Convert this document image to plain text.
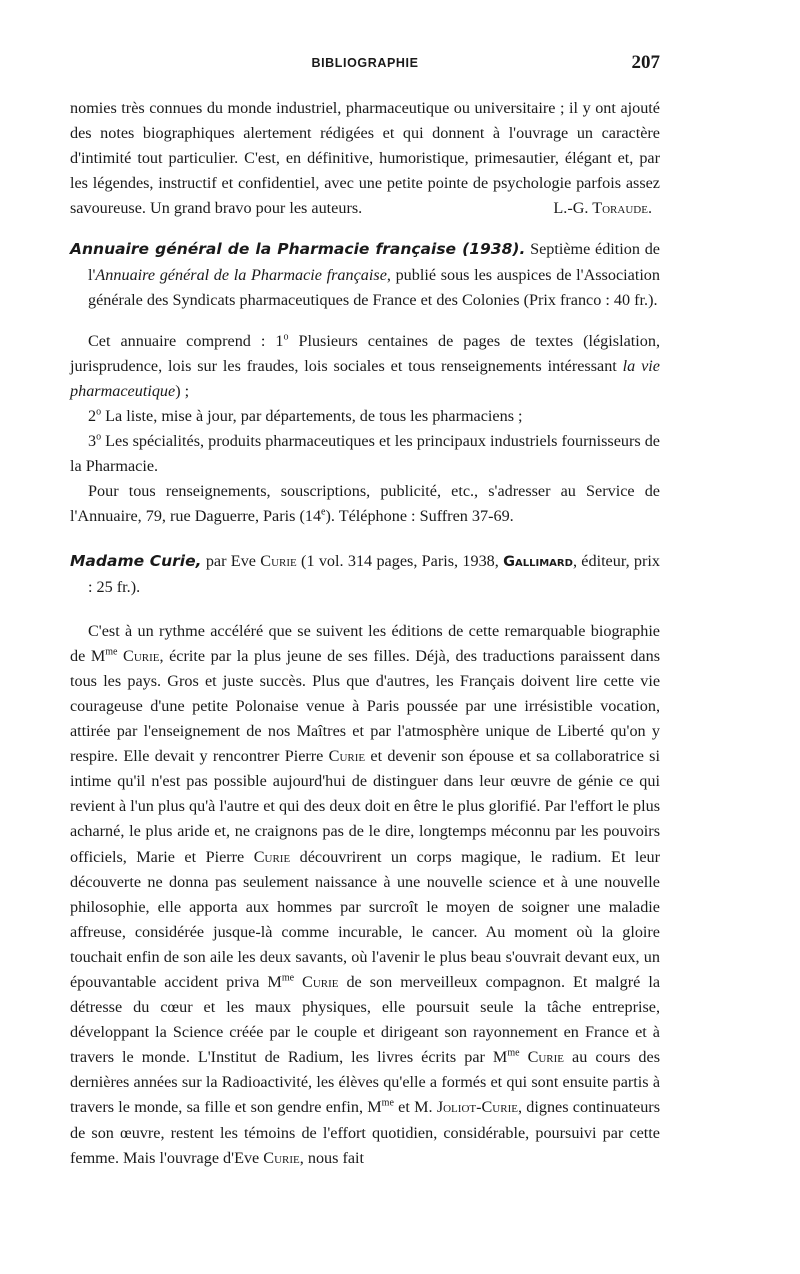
BIBLIOGRAPHIE	207

nomies très connues du monde industriel, pharmaceutique ou universitaire ; il y ont ajouté des notes biographiques alertement rédigées et qui donnent à l'ouvrage un caractère d'intimité tout particulier. C'est, en définitive, humoristique, primesautier, élégant et, par les légendes, instructif et confidentiel, avec une petite pointe de psychologie parfois assez savoureuse. Un grand bravo pour les auteurs.	L.-G. Toraude.

Annuaire général de la Pharmacie française (1938). Septième édition de l'Annuaire général de la Pharmacie française, publié sous les auspices de l'Association générale des Syndicats pharmaceutiques de France et des Colonies (Prix franco : 40 fr.).

Cet annuaire comprend : 1$^o$ Plusieurs centaines de pages de textes (législation, jurisprudence, lois sur les fraudes, lois sociales et tous renseignements intéressant la vie pharmaceutique) ;

2$^o$ La liste, mise à jour, par départements, de tous les pharmaciens ;

3$^o$ Les spécialités, produits pharmaceutiques et les principaux industriels fournisseurs de la Pharmacie.

Pour tous renseignements, souscriptions, publicité, etc., s'adresser au Service de l'Annuaire, 79, rue Daguerre, Paris (14e). Téléphone : Suffren 37-69.

Madame Curie, par Eve Curie (1 vol. 314 pages, Paris, 1938, Gallimard, éditeur, prix : 25 fr.).

C'est à un rythme accéléré que se suivent les éditions de cette remarquable biographie de $M^{me}$ Curie, écrite par la plus jeune de ses filles. Déjà, des traductions paraissent dans tous les pays. Gros et juste succès. Plus que d'autres, les Français doivent lire cette vie courageuse d'une petite Polonaise venue à Paris poussée par une irrésistible vocation, attirée par l'enseignement de nos Maîtres et par l'atmosphère unique de Liberté qu'on y respire. Elle devait y rencontrer Pierre Curie et devenir son épouse et sa collaboratrice si intime qu'il n'est pas possible aujourd'hui de distinguer dans leur œuvre de génie ce qui revient à l'un plus qu'à l'autre et qui des deux doit en être le plus glorifié. Par l'effort le plus acharné, le plus aride et, ne craignons pas de le dire, longtemps méconnu par les pouvoirs officiels, Marie et Pierre Curie découvrirent un corps magique, le radium. Et leur découverte ne donna pas seulement naissance à une nouvelle science et à une nouvelle philosophie, elle apporta aux hommes par surcroît le moyen de soigner une maladie affreuse, considérée jusque-là comme incurable, le cancer. Au moment où la gloire touchait enfin de son aile les deux savants, où l'avenir le plus beau s'ouvrait devant eux, un épouvantable accident priva $M^{me}$ Curie de son merveilleux compagnon. Et malgré la détresse du cœur et les maux physiques, elle poursuit seule la tâche entreprise, développant la Science créée par le couple et dirigeant son rayonnement en France et à travers le monde. L'Institut de Radium, les livres écrits par $M^{me}$ Curie au cours des dernières années sur la Radioactivité, les élèves qu'elle a formés et qui sont ensuite partis à travers le monde, sa fille et son gendre enfin, $M^{me}$ et M. Joliot-Curie, dignes continuateurs de son œuvre, restent les témoins de l'effort quotidien, considérable, poursuivi par cette femme. Mais l'ouvrage d'Eve Curie, nous fait
